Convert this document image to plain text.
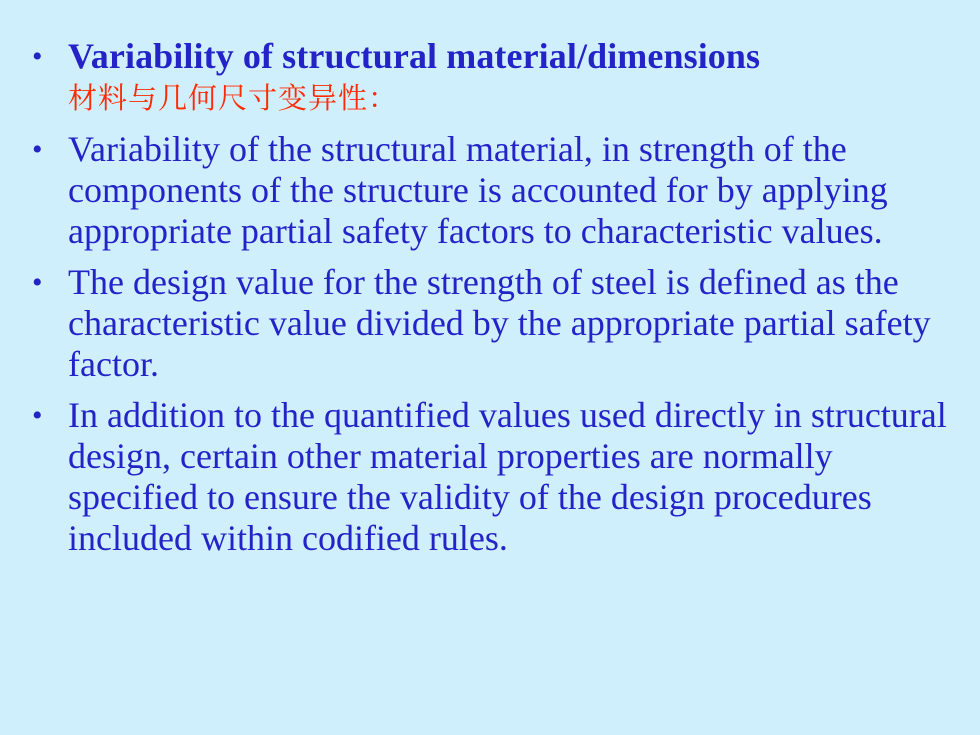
• Variability of structural material/dimensions
材料与几何尺寸变异性：
• Variability of the structural material, in strength of the components of the structure is accounted for by applying appropriate partial safety factors to characteristic values.
• The design value for the strength of steel is defined as the characteristic value divided by the appropriate partial safety factor.
• In addition to the quantified values used directly in structural design, certain other material properties are normally specified to ensure the validity of the design procedures included within codified rules.
